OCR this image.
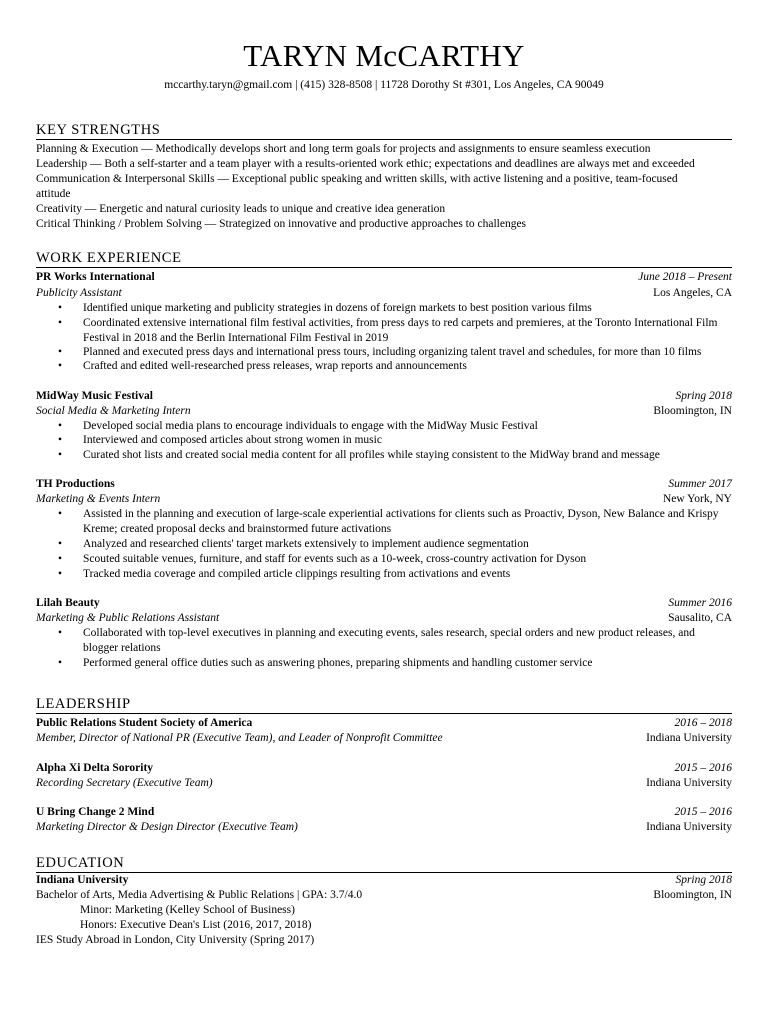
TARYN McCARTHY
mccarthy.taryn@gmail.com | (415) 328-8508 | 11728 Dorothy St #301, Los Angeles, CA 90049
KEY STRENGTHS
Planning & Execution — Methodically develops short and long term goals for projects and assignments to ensure seamless execution
Leadership — Both a self-starter and a team player with a results-oriented work ethic; expectations and deadlines are always met and exceeded
Communication & Interpersonal Skills — Exceptional public speaking and written skills, with active listening and a positive, team-focused
attitude
Creativity — Energetic and natural curiosity leads to unique and creative idea generation
Critical Thinking / Problem Solving — Strategized on innovative and productive approaches to challenges
WORK EXPERIENCE
PR Works International	June 2018 – Present
Publicity Assistant	Los Angeles, CA
• Identified unique marketing and publicity strategies in dozens of foreign markets to best position various films
• Coordinated extensive international film festival activities, from press days to red carpets and premieres, at the Toronto International Film Festival in 2018 and the Berlin International Film Festival in 2019
• Planned and executed press days and international press tours, including organizing talent travel and schedules, for more than 10 films
• Crafted and edited well-researched press releases, wrap reports and announcements
MidWay Music Festival	Spring 2018
Social Media & Marketing Intern	Bloomington, IN
• Developed social media plans to encourage individuals to engage with the MidWay Music Festival
• Interviewed and composed articles about strong women in music
• Curated shot lists and created social media content for all profiles while staying consistent to the MidWay brand and message
TH Productions	Summer 2017
Marketing & Events Intern	New York, NY
• Assisted in the planning and execution of large-scale experiential activations for clients such as Proactiv, Dyson, New Balance and Krispy Kreme; created proposal decks and brainstormed future activations
• Analyzed and researched clients' target markets extensively to implement audience segmentation
• Scouted suitable venues, furniture, and staff for events such as a 10-week, cross-country activation for Dyson
• Tracked media coverage and compiled article clippings resulting from activations and events
Lilah Beauty	Summer 2016
Marketing & Public Relations Assistant	Sausalito, CA
• Collaborated with top-level executives in planning and executing events, sales research, special orders and new product releases, and blogger relations
• Performed general office duties such as answering phones, preparing shipments and handling customer service
LEADERSHIP
Public Relations Student Society of America	2016 – 2018
Member, Director of National PR (Executive Team), and Leader of Nonprofit Committee	Indiana University
Alpha Xi Delta Sorority	2015 – 2016
Recording Secretary (Executive Team)	Indiana University
U Bring Change 2 Mind	2015 – 2016
Marketing Director & Design Director (Executive Team)	Indiana University
EDUCATION
Indiana University	Spring 2018
Bachelor of Arts, Media Advertising & Public Relations | GPA: 3.7/4.0	Bloomington, IN
Minor: Marketing (Kelley School of Business)
Honors: Executive Dean's List (2016, 2017, 2018)
IES Study Abroad in London, City University (Spring 2017)
